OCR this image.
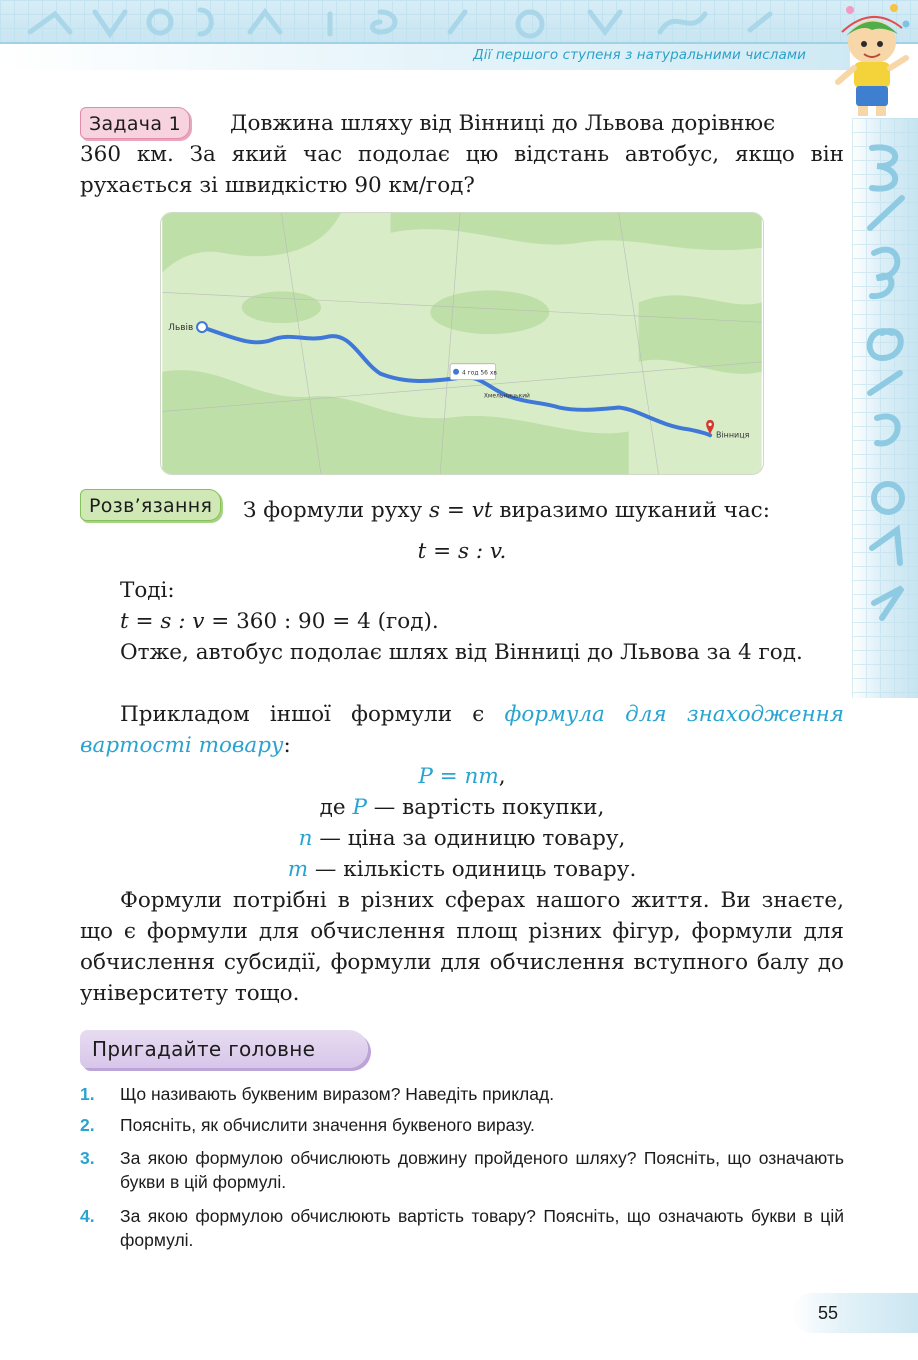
Дії першого ступеня з натуральними числами
Задача 1	Довжина шляху від Вінниці до Львова дорівнює
360 км. За який час подолає цю відстань автобус, якщо він рухається зі швидкістю 90 км/год?
Львів
4 год 56 хв
Хмельницький
Вінниця
Розв’язання	З формули руху s = vt виразимо шуканий час:
t = s : v.
Тоді:
t = s : v = 360 : 90 = 4 (год).
Отже, автобус подолає шлях від Вінниці до Львова за 4 год.
Прикладом іншої формули є формула для знаходження вартості товару:
P = nm,
де P — вартість покупки,
n — ціна за одиницю товару,
m — кількість одиниць товару.
Формули потрібні в різних сферах нашого життя. Ви знаєте, що є формули для обчислення площ різних фігур, формули для обчислення субсидії, формули для обчислення вступного балу до університету тощо.
Пригадайте головне
1. Що називають буквеним виразом? Наведіть приклад.
2. Поясніть, як обчислити значення буквеного виразу.
3. За якою формулою обчислюють довжину пройденого шляху? Поясніть, що означають букви в цій формулі.
4. За якою формулою обчислюють вартість товару? Поясніть, що означають букви в цій формулі.
55
